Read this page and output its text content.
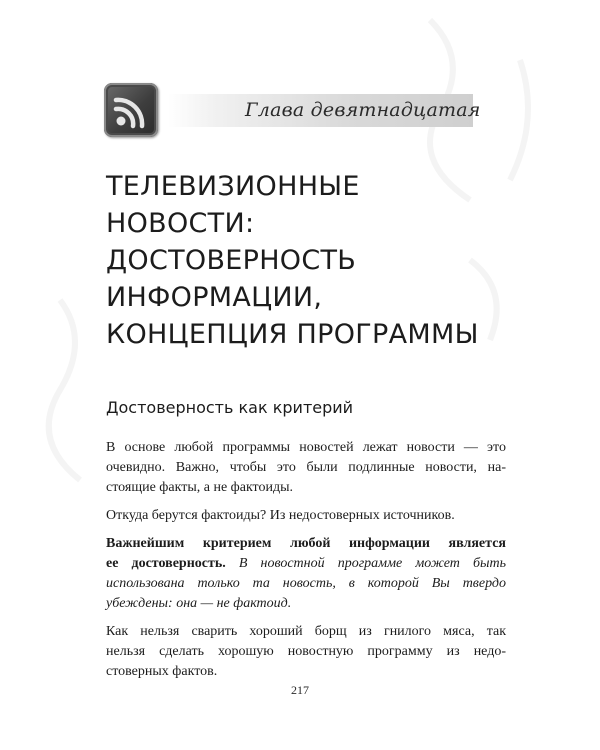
Глава девятнадцатая
ТЕЛЕВИЗИОННЫЕ
НОВОСТИ:
ДОСТОВЕРНОСТЬ
ИНФОРМАЦИИ,
КОНЦЕПЦИЯ ПРОГРАММЫ
Достоверность как критерий

В основе любой программы новостей лежат новости — это
очевидно. Важно, чтобы это были подлинные новости, на-
стоящие факты, а не фактоиды.

Откуда берутся фактоиды? Из недостоверных источников.

Важнейшим критерием любой информации является
ее достоверность. В новостной программе может быть
использована только та новость, в которой Вы твердо
убеждены: она — не фактоид.

Как нельзя сварить хороший борщ из гнилого мяса, так
нельзя сделать хорошую новостную программу из недо-
стоверных фактов.

217
